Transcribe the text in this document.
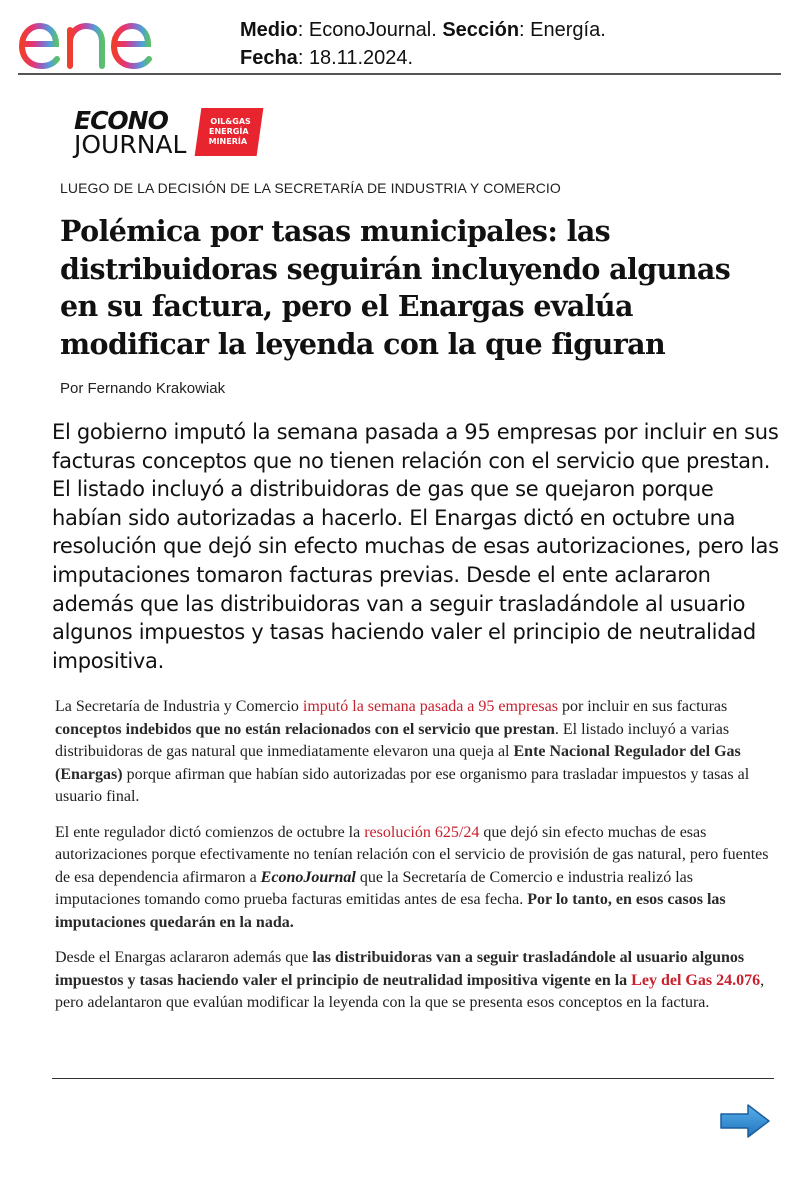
Medio: EconoJournal. Sección: Energía.
Fecha: 18.11.2024.
ECONO
JOURNAL
OIL&GAS
ENERGÍA
MINERÍA
LUEGO DE LA DECISIÓN DE LA SECRETARÍA DE INDUSTRIA Y COMERCIO
Polémica por tasas municipales: las distribuidoras seguirán incluyendo algunas en su factura, pero el Enargas evalúa modificar la leyenda con la que figuran
Por Fernando Krakowiak

El gobierno imputó la semana pasada a 95 empresas por incluir en sus facturas conceptos que no tienen relación con el servicio que prestan. El listado incluyó a distribuidoras de gas que se quejaron porque habían sido autorizadas a hacerlo. El Enargas dictó en octubre una resolución que dejó sin efecto muchas de esas autorizaciones, pero las imputaciones tomaron facturas previas. Desde el ente aclararon además que las distribuidoras van a seguir trasladándole al usuario algunos impuestos y tasas haciendo valer el principio de neutralidad impositiva.

La Secretaría de Industria y Comercio imputó la semana pasada a 95 empresas por incluir en sus facturas conceptos indebidos que no están relacionados con el servicio que prestan. El listado incluyó a varias distribuidoras de gas natural que inmediatamente elevaron una queja al Ente Nacional Regulador del Gas (Enargas) porque afirman que habían sido autorizadas por ese organismo para trasladar impuestos y tasas al usuario final.

El ente regulador dictó comienzos de octubre la resolución 625/24 que dejó sin efecto muchas de esas autorizaciones porque efectivamente no tenían relación con el servicio de provisión de gas natural, pero fuentes de esa dependencia afirmaron a EconoJournal que la Secretaría de Comercio e industria realizó las imputaciones tomando como prueba facturas emitidas antes de esa fecha. Por lo tanto, en esos casos las imputaciones quedarán en la nada.

Desde el Enargas aclararon además que las distribuidoras van a seguir trasladándole al usuario algunos impuestos y tasas haciendo valer el principio de neutralidad impositiva vigente en la Ley del Gas 24.076, pero adelantaron que evalúan modificar la leyenda con la que se presenta esos conceptos en la factura.
